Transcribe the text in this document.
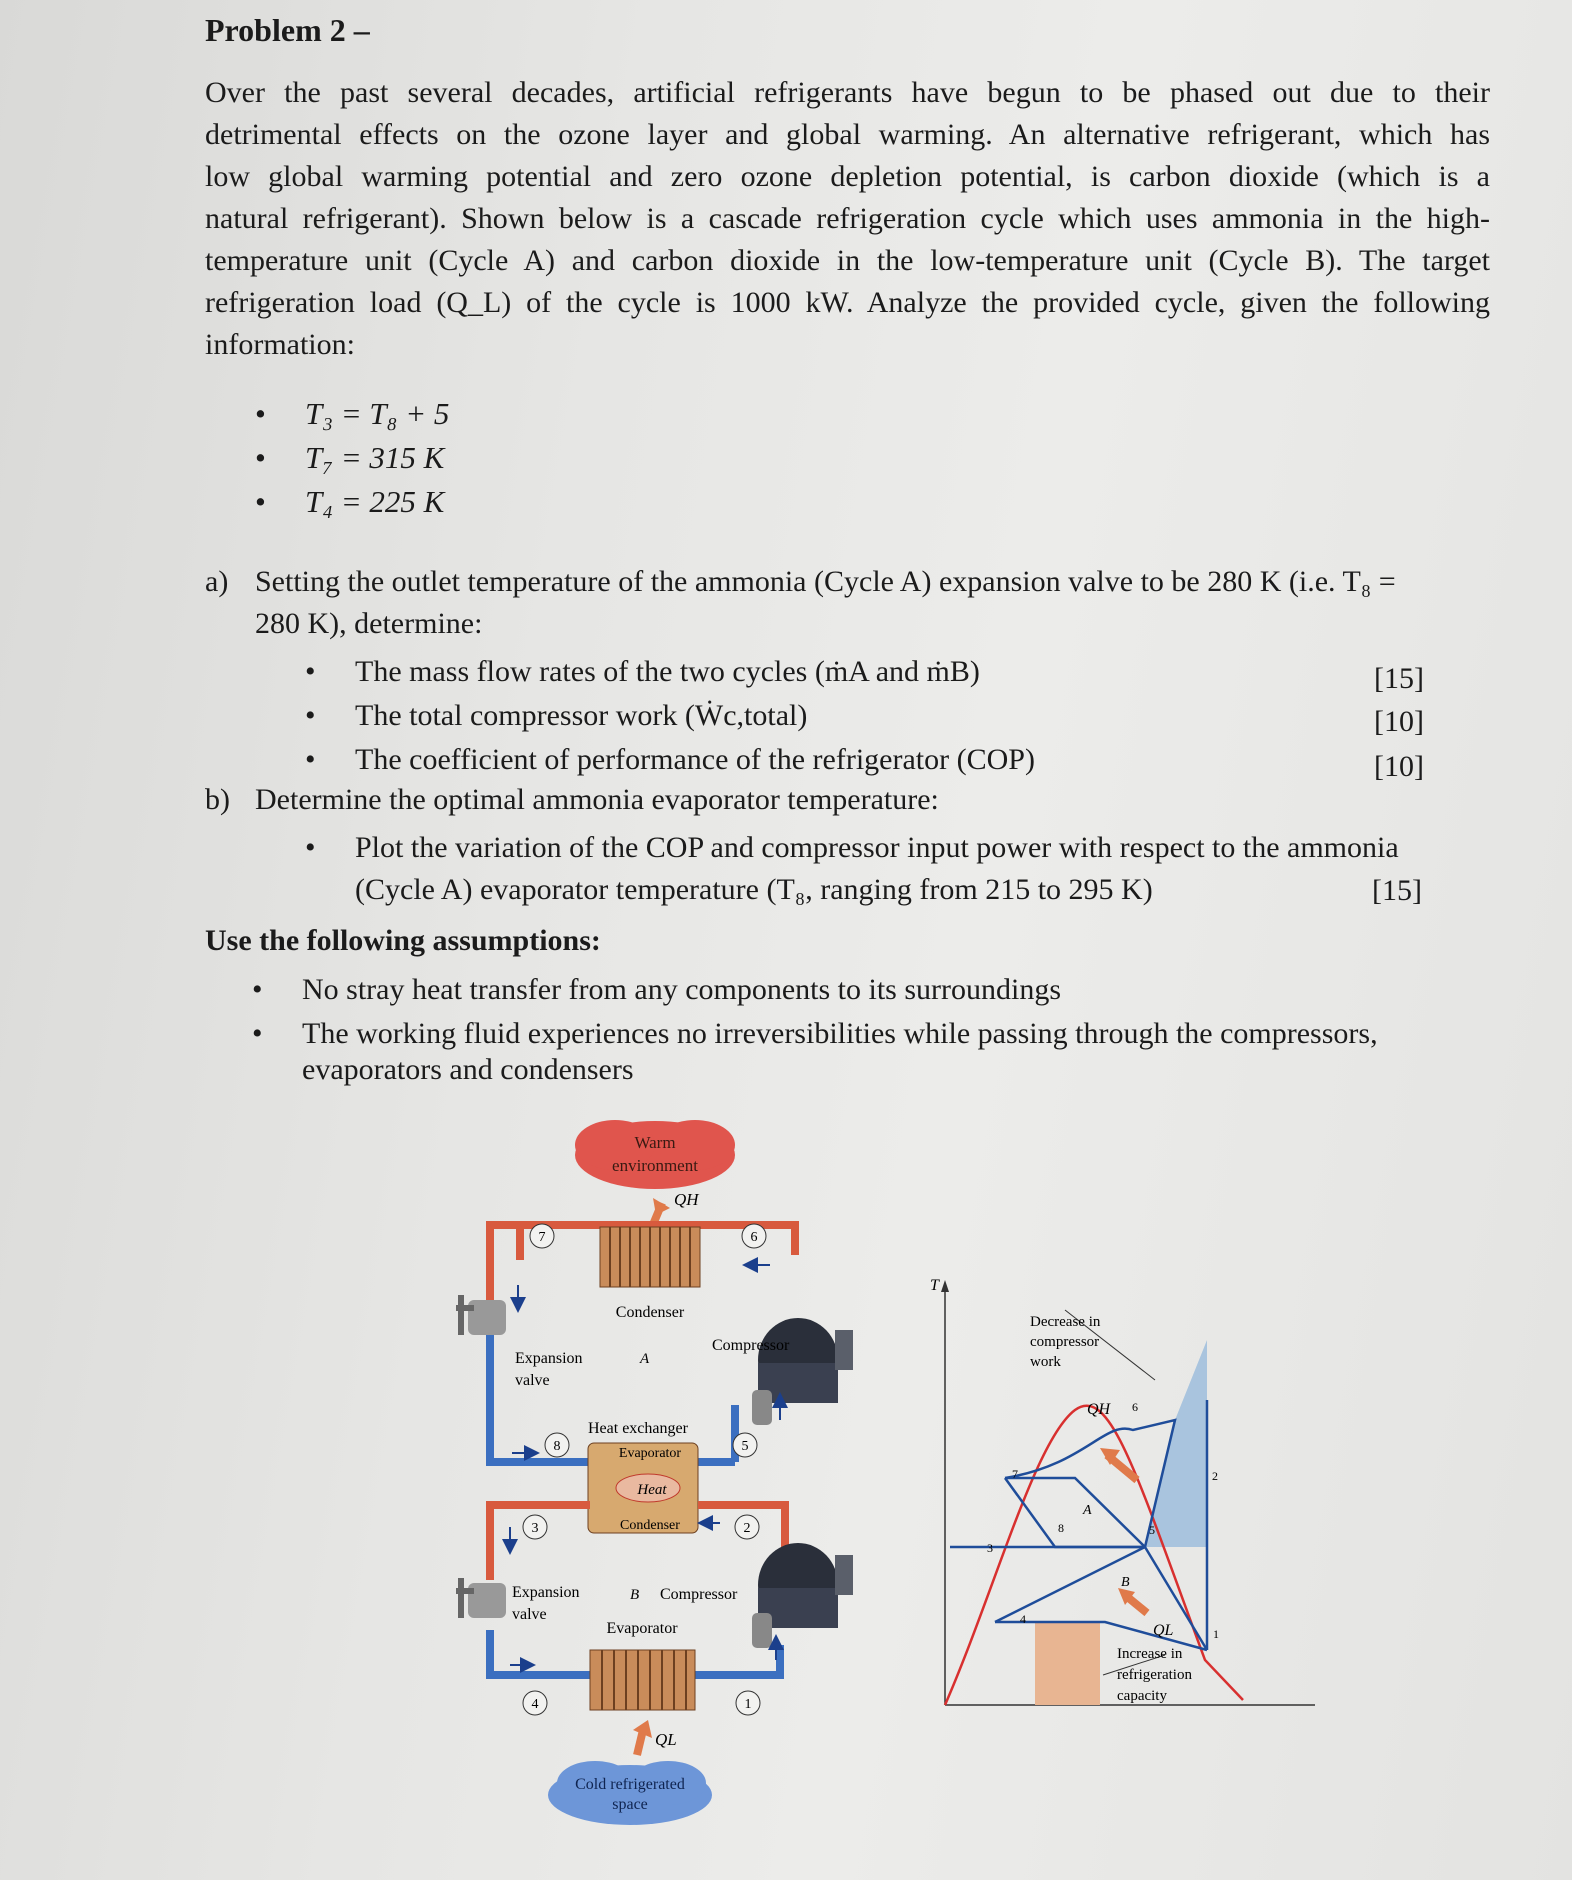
Problem 2 –
Over the past several decades, artificial refrigerants have begun to be phased out due to their
detrimental effects on the ozone layer and global warming. An alternative refrigerant, which has
low global warming potential and zero ozone depletion potential, is carbon dioxide (which is a
natural refrigerant). Shown below is a cascade refrigeration cycle which uses ammonia in the high-
temperature unit (Cycle A) and carbon dioxide in the low-temperature unit (Cycle B). The target
refrigeration load (Q_L) of the cycle is 1000 kW. Analyze the provided cycle, given the following
information:
• T₃ = T₈ + 5
• T₇ = 315 K
• T₄ = 225 K
a) Setting the outlet temperature of the ammonia (Cycle A) expansion valve to be 280 K (i.e. T₈ =
280 K), determine:
• The mass flow rates of the two cycles (ṁA and ṁB)	[15]
• The total compressor work (Ẇc,total)	[10]
• The coefficient of performance of the refrigerator (COP)	[10]
b) Determine the optimal ammonia evaporator temperature:
• Plot the variation of the COP and compressor input power with respect to the ammonia
(Cycle A) evaporator temperature (T₈, ranging from 215 to 295 K)	[15]
Use the following assumptions:
• No stray heat transfer from any components to its surroundings
• The working fluid experiences no irreversibilities while passing through the compressors,
evaporators and condensers
Warm
environment
QH
Condenser
Compressor
A
Expansion
valve
Heat exchanger
Evaporator
Heat
Condenser
B Compressor
Expansion
valve
Evaporator
QL
Cold refrigerated
space
7	6
8	5
3	2
4	1
T
Decrease in
compressor
work
QH
QL
A
B
Increase in
refrigeration
capacity
1
2
3
4
5
6
7
8
